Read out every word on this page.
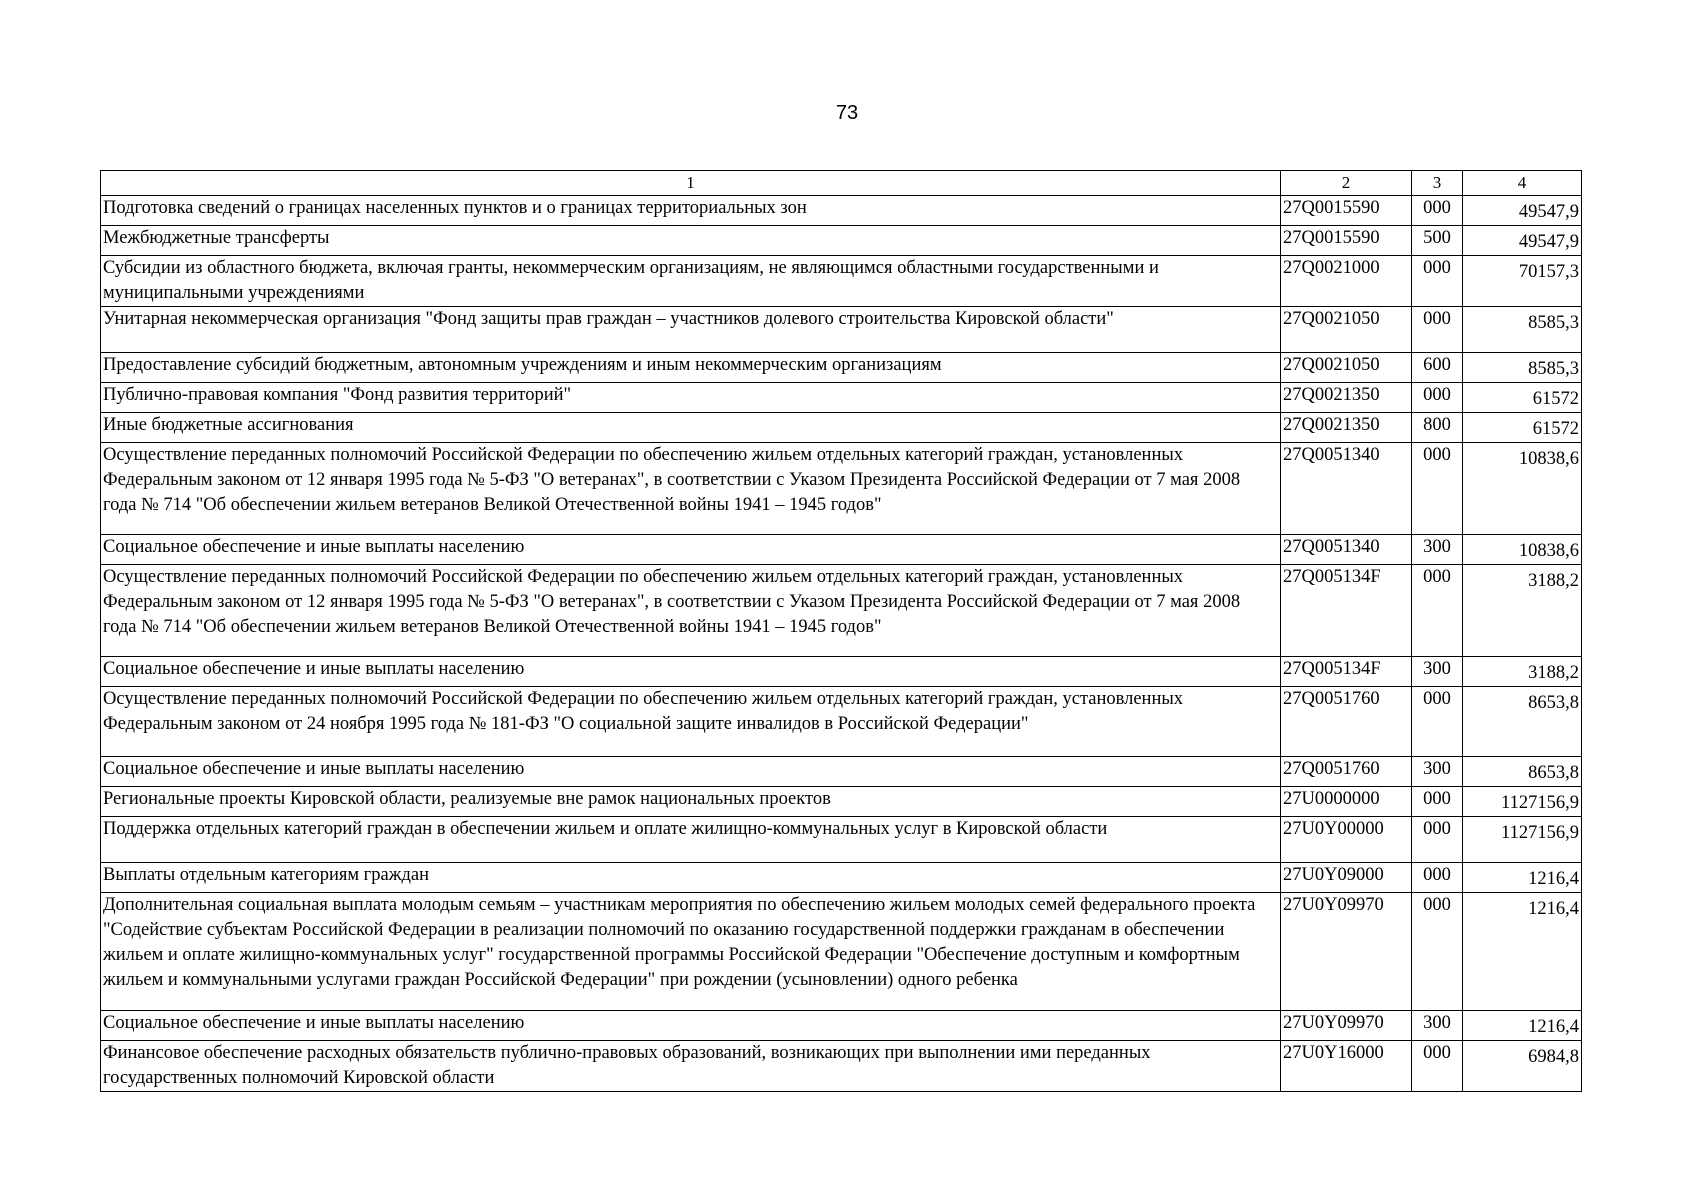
73
1	2	3	4
Подготовка сведений о границах населенных пунктов и о границах территориальных зон	27Q0015590	000	49547,9
Межбюджетные трансферты	27Q0015590	500	49547,9
Субсидии из областного бюджета, включая гранты, некоммерческим организациям, не являющимся областными государственными и муниципальными учреждениями	27Q0021000	000	70157,3
Унитарная некоммерческая организация "Фонд защиты прав граждан – участников долевого строительства Кировской области"	27Q0021050	000	8585,3
Предоставление субсидий бюджетным, автономным учреждениям и иным некоммерческим организациям	27Q0021050	600	8585,3
Публично-правовая компания "Фонд развития территорий"	27Q0021350	000	61572
Иные бюджетные ассигнования	27Q0021350	800	61572
Осуществление переданных полномочий Российской Федерации по обеспечению жильем отдельных категорий граждан, установленных Федеральным законом от 12 января 1995 года № 5-ФЗ "О ветеранах", в соответствии с Указом Президента Российской Федерации от 7 мая 2008 года № 714 "Об обеспечении жильем ветеранов Великой Отечественной войны 1941 – 1945 годов"	27Q0051340	000	10838,6
Социальное обеспечение и иные выплаты населению	27Q0051340	300	10838,6
Осуществление переданных полномочий Российской Федерации по обеспечению жильем отдельных категорий граждан, установленных Федеральным законом от 12 января 1995 года № 5-ФЗ "О ветеранах", в соответствии с Указом Президента Российской Федерации от 7 мая 2008 года № 714 "Об обеспечении жильем ветеранов Великой Отечественной войны 1941 – 1945 годов"	27Q005134F	000	3188,2
Социальное обеспечение и иные выплаты населению	27Q005134F	300	3188,2
Осуществление переданных полномочий Российской Федерации по обеспечению жильем отдельных категорий граждан, установленных Федеральным законом от 24 ноября 1995 года № 181-ФЗ "О социальной защите инвалидов в Российской Федерации"	27Q0051760	000	8653,8
Социальное обеспечение и иные выплаты населению	27Q0051760	300	8653,8
Региональные проекты Кировской области, реализуемые вне рамок национальных проектов	27U0000000	000	1127156,9
Поддержка отдельных категорий граждан в обеспечении жильем и оплате жилищно-коммунальных услуг в Кировской области	27U0Y00000	000	1127156,9
Выплаты отдельным категориям граждан	27U0Y09000	000	1216,4
Дополнительная социальная выплата молодым семьям – участникам мероприятия по обеспечению жильем молодых семей федерального проекта "Содействие субъектам Российской Федерации в реализации полномочий по оказанию государственной поддержки гражданам в обеспечении жильем и оплате жилищно-коммунальных услуг" государственной программы Российской Федерации "Обеспечение доступным и комфортным жильем и коммунальными услугами граждан Российской Федерации" при рождении (усыновлении) одного ребенка	27U0Y09970	000	1216,4
Социальное обеспечение и иные выплаты населению	27U0Y09970	300	1216,4
Финансовое обеспечение расходных обязательств публично-правовых образований, возникающих при выполнении ими переданных государственных полномочий Кировской области	27U0Y16000	000	6984,8
